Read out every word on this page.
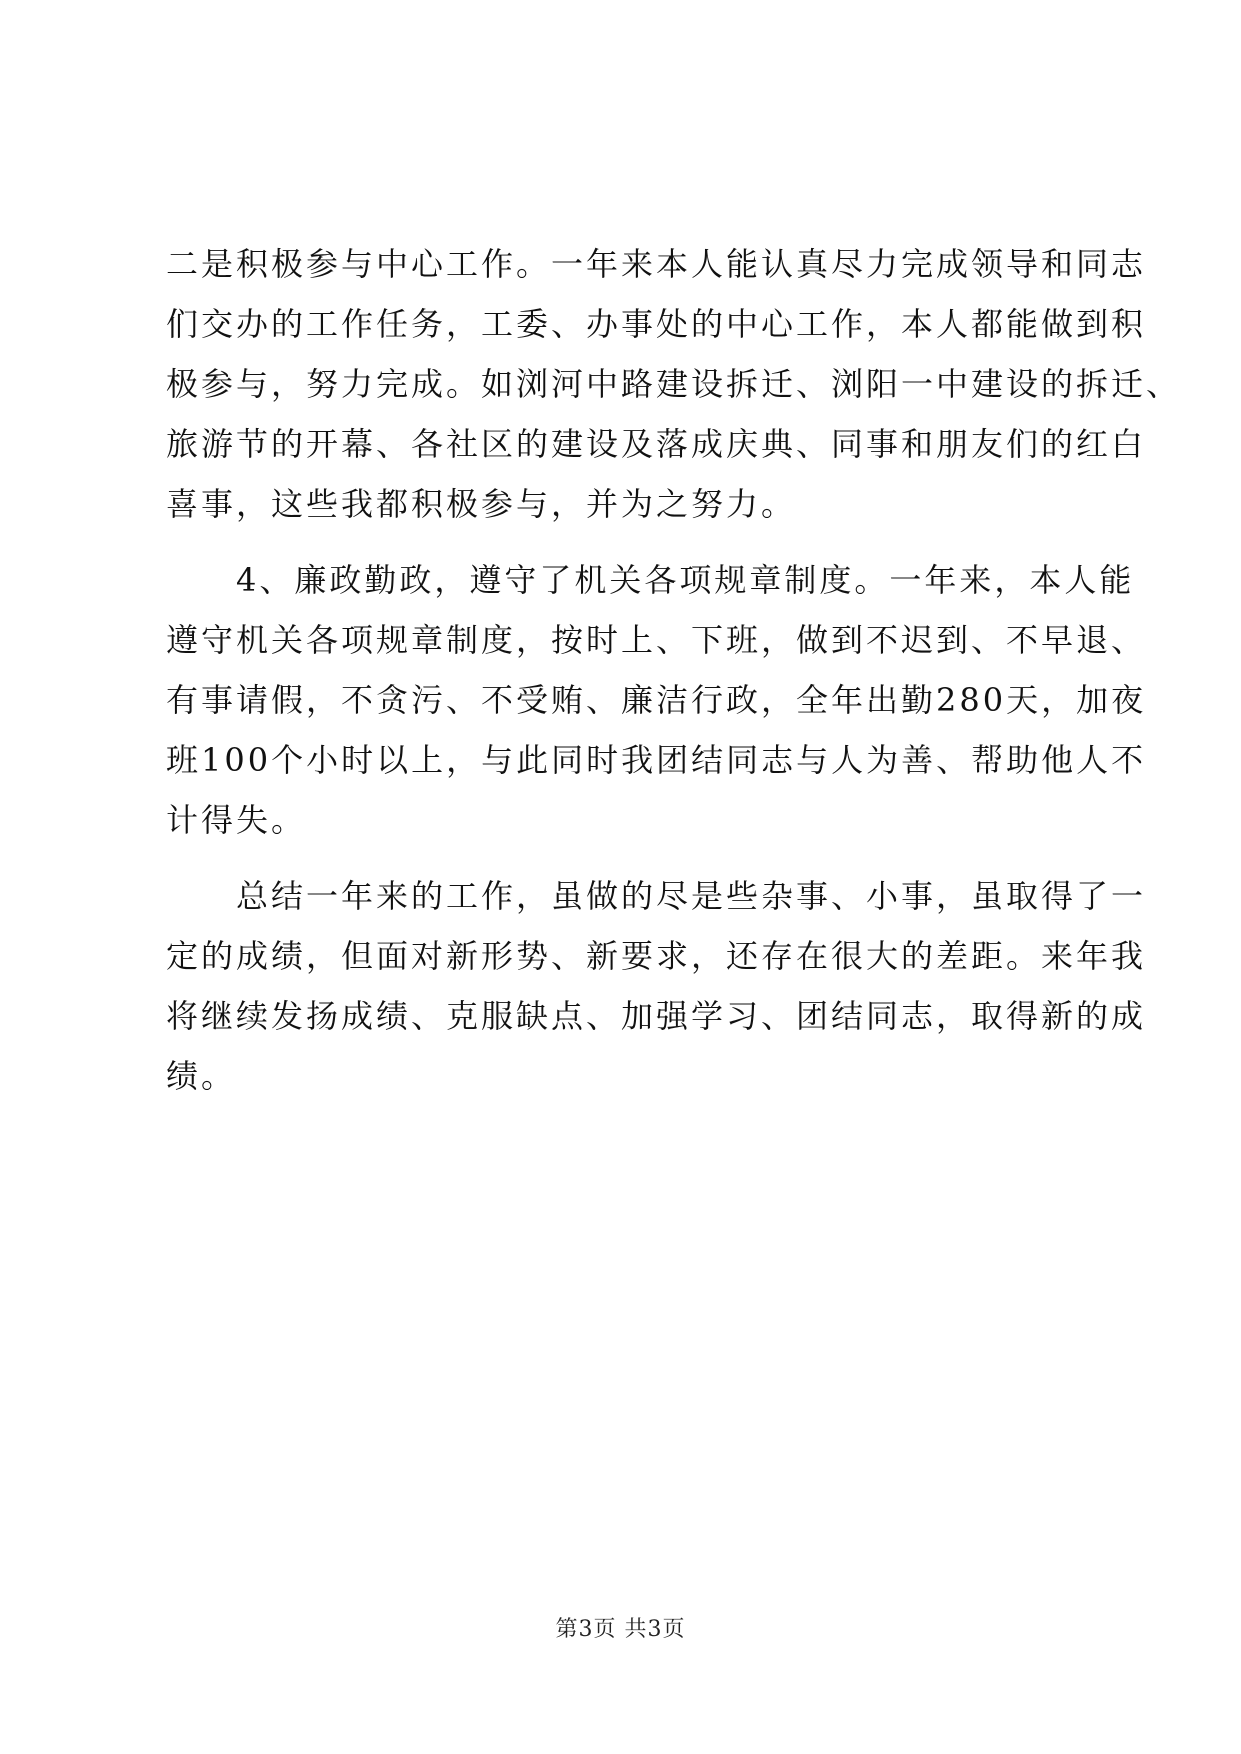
二是积极参与中心工作。一年来本人能认真尽力完成领导和同志
们交办的工作任务，工委、办事处的中心工作，本人都能做到积
极参与，努力完成。如浏河中路建设拆迁、浏阳一中建设的拆迁、
旅游节的开幕、各社区的建设及落成庆典、同事和朋友们的红白
喜事，这些我都积极参与，并为之努力。
　　4、廉政勤政，遵守了机关各项规章制度。一年来，本人能
遵守机关各项规章制度，按时上、下班，做到不迟到、不早退、
有事请假，不贪污、不受贿、廉洁行政，全年出勤280天，加夜
班100个小时以上，与此同时我团结同志与人为善、帮助他人不
计得失。
　　总结一年来的工作，虽做的尽是些杂事、小事，虽取得了一
定的成绩，但面对新形势、新要求，还存在很大的差距。来年我
将继续发扬成绩、克服缺点、加强学习、团结同志，取得新的成
绩。
第3页 共3页
